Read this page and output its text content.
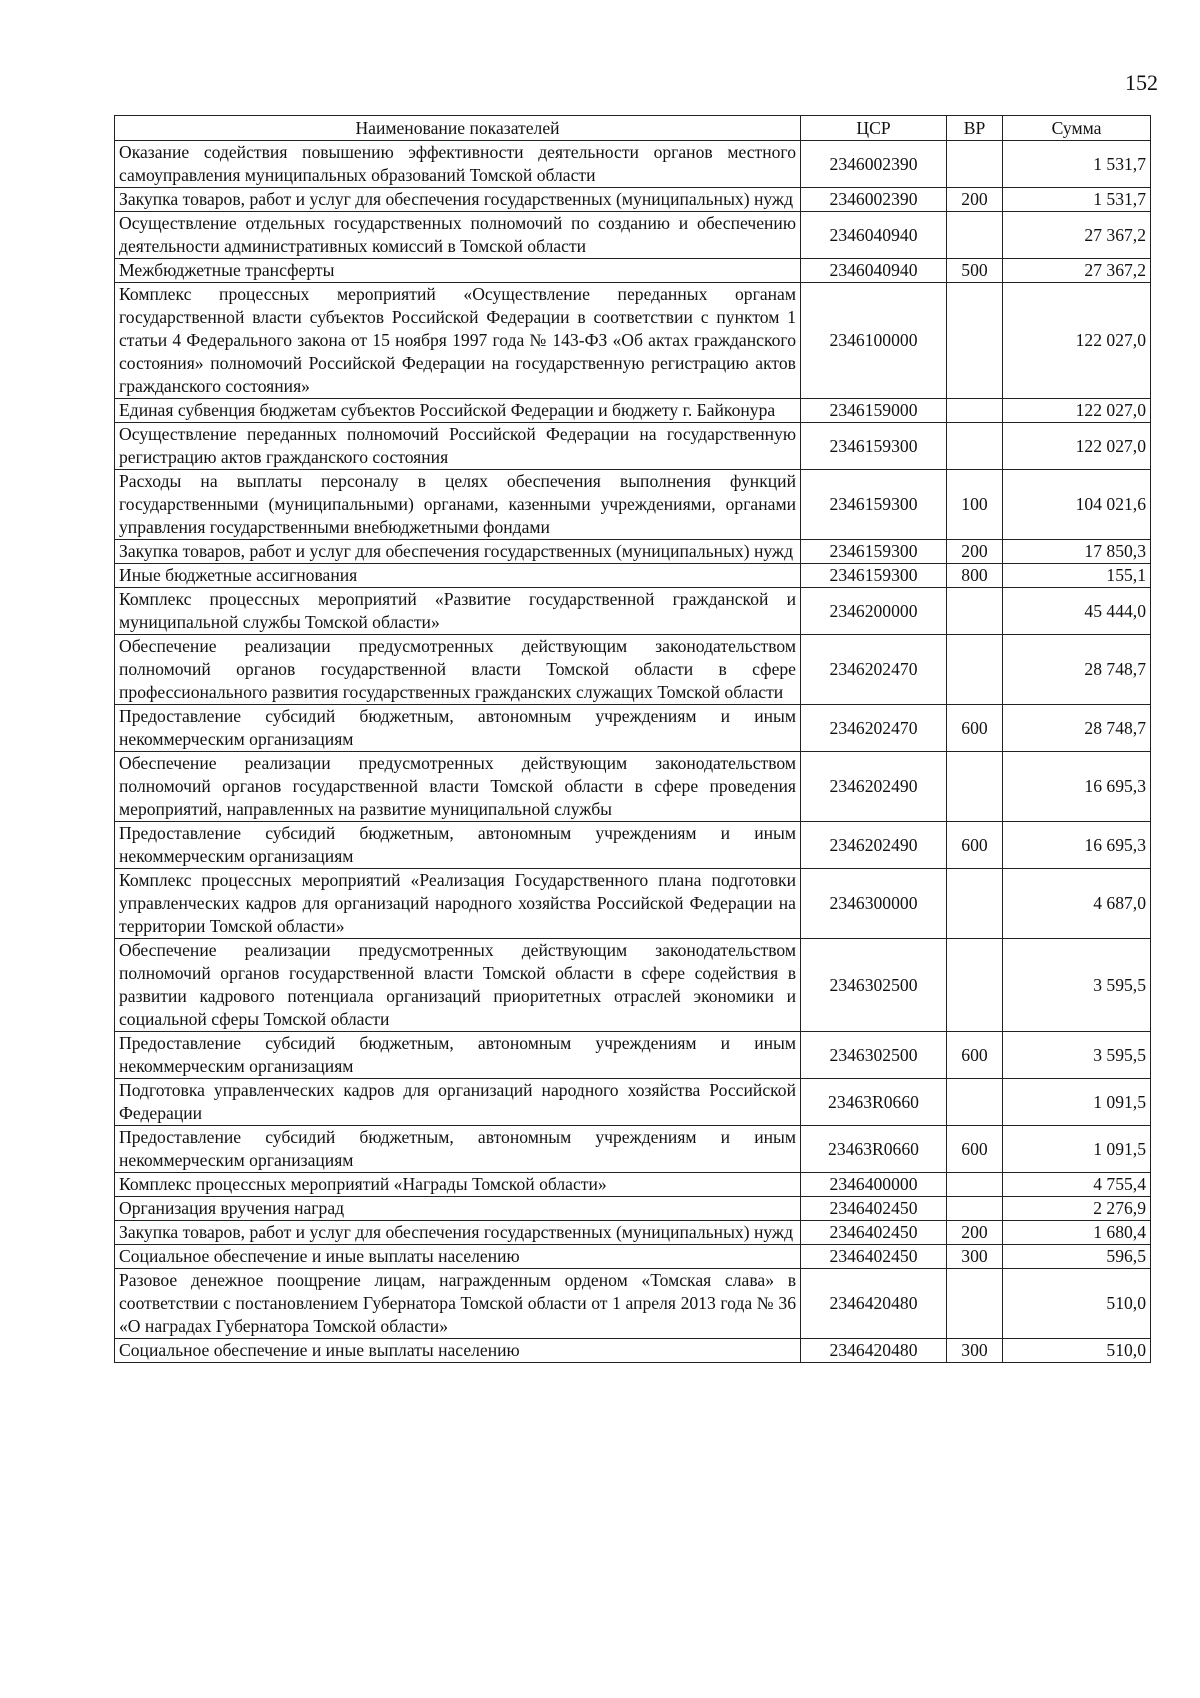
152
Наименование показателей	ЦСР	ВР	Сумма
Оказание содействия повышению эффективности деятельности органов местного самоуправления муниципальных образований Томской области	2346002390		1 531,7
Закупка товаров, работ и услуг для обеспечения государственных (муниципальных) нужд	2346002390	200	1 531,7
Осуществление отдельных государственных полномочий по созданию и обеспечению деятельности административных комиссий в Томской области	2346040940		27 367,2
Межбюджетные трансферты	2346040940	500	27 367,2
Комплекс процессных мероприятий «Осуществление переданных органам государственной власти субъектов Российской Федерации в соответствии с пунктом 1 статьи 4 Федерального закона от 15 ноября 1997 года № 143-ФЗ «Об актах гражданского состояния» полномочий Российской Федерации на государственную регистрацию актов гражданского состояния»	2346100000		122 027,0
Единая субвенция бюджетам субъектов Российской Федерации и бюджету г. Байконура	2346159000		122 027,0
Осуществление переданных полномочий Российской Федерации на государственную регистрацию актов гражданского состояния	2346159300		122 027,0
Расходы на выплаты персоналу в целях обеспечения выполнения функций государственными (муниципальными) органами, казенными учреждениями, органами управления государственными внебюджетными фондами	2346159300	100	104 021,6
Закупка товаров, работ и услуг для обеспечения государственных (муниципальных) нужд	2346159300	200	17 850,3
Иные бюджетные ассигнования	2346159300	800	155,1
Комплекс процессных мероприятий «Развитие государственной гражданской и муниципальной службы Томской области»	2346200000		45 444,0
Обеспечение реализации предусмотренных действующим законодательством полномочий органов государственной власти Томской области в сфере профессионального развития государственных гражданских служащих Томской области	2346202470		28 748,7
Предоставление субсидий бюджетным, автономным учреждениям и иным некоммерческим организациям	2346202470	600	28 748,7
Обеспечение реализации предусмотренных действующим законодательством полномочий органов государственной власти Томской области в сфере проведения мероприятий, направленных на развитие муниципальной службы	2346202490		16 695,3
Предоставление субсидий бюджетным, автономным учреждениям и иным некоммерческим организациям	2346202490	600	16 695,3
Комплекс процессных мероприятий «Реализация Государственного плана подготовки управленческих кадров для организаций народного хозяйства Российской Федерации на территории Томской области»	2346300000		4 687,0
Обеспечение реализации предусмотренных действующим законодательством полномочий органов государственной власти Томской области в сфере содействия в развитии кадрового потенциала организаций приоритетных отраслей экономики и социальной сферы Томской области	2346302500		3 595,5
Предоставление субсидий бюджетным, автономным учреждениям и иным некоммерческим организациям	2346302500	600	3 595,5
Подготовка управленческих кадров для организаций народного хозяйства Российской Федерации	23463R0660		1 091,5
Предоставление субсидий бюджетным, автономным учреждениям и иным некоммерческим организациям	23463R0660	600	1 091,5
Комплекс процессных мероприятий «Награды Томской области»	2346400000		4 755,4
Организация вручения наград	2346402450		2 276,9
Закупка товаров, работ и услуг для обеспечения государственных (муниципальных) нужд	2346402450	200	1 680,4
Социальное обеспечение и иные выплаты населению	2346402450	300	596,5
Разовое денежное поощрение лицам, награжденным орденом «Томская слава» в соответствии с постановлением Губернатора Томской области от 1 апреля 2013 года № 36 «О наградах Губернатора Томской области»	2346420480		510,0
Социальное обеспечение и иные выплаты населению	2346420480	300	510,0
